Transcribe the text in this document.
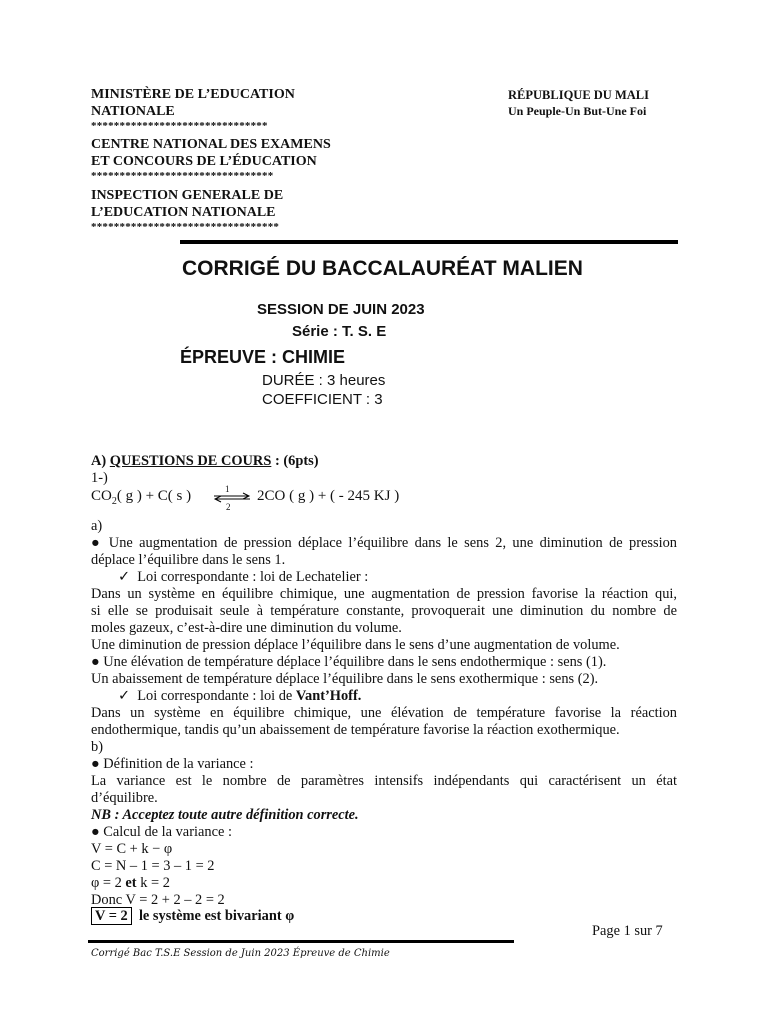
MINISTÈRE DE L’EDUCATION
NATIONALE
*******************************
CENTRE NATIONAL DES EXAMENS
ET CONCOURS DE L’ÉDUCATION
********************************
INSPECTION GENERALE DE
L’EDUCATION NATIONALE
*********************************
RÉPUBLIQUE DU MALI
Un Peuple-Un But-Une Foi
CORRIGÉ DU BACCALAURÉAT MALIEN
SESSION DE JUIN 2023
Série : T. S. E
ÉPREUVE : CHIMIE
DURÉE : 3 heures
COEFFICIENT : 3
A) QUESTIONS DE COURS : (6pts)
1-)
$CO_2$( g ) + C( s ) ⇌
1
2
2CO ( g ) + ( - 245 KJ )
a)
● Une augmentation de pression déplace l’équilibre dans le sens 2, une diminution de pression
déplace l’équilibre dans le sens 1.
✓ Loi correspondante : loi de Lechatelier :
Dans un système en équilibre chimique, une augmentation de pression favorise la réaction qui,
si elle se produisait seule à température constante, provoquerait une diminution du nombre de
moles gazeux, c’est-à-dire une diminution du volume.
Une diminution de pression déplace l’équilibre dans le sens d’une augmentation de volume.
● Une élévation de température déplace l’équilibre dans le sens endothermique : sens (1).
Un abaissement de température déplace l’équilibre dans le sens exothermique : sens (2).
✓ Loi correspondante : loi de Vant’Hoff.
Dans un système en équilibre chimique, une élévation de température favorise la réaction
endothermique, tandis qu’un abaissement de température favorise la réaction exothermique.
b)
● Définition de la variance :
La variance est le nombre de paramètres intensifs indépendants qui caractérisent un état
d’équilibre.
NB : Acceptez toute autre définition correcte.
● Calcul de la variance :
V = C + k − φ
C = N – 1 = 3 – 1 = 2
φ = 2 et k = 2
Donc V = 2 + 2 – 2 = 2
V = 2 le système est bivariant φ
Page 1 sur 7
Corrigé Bac T.S.E Session de Juin 2023 Épreuve de Chimie
